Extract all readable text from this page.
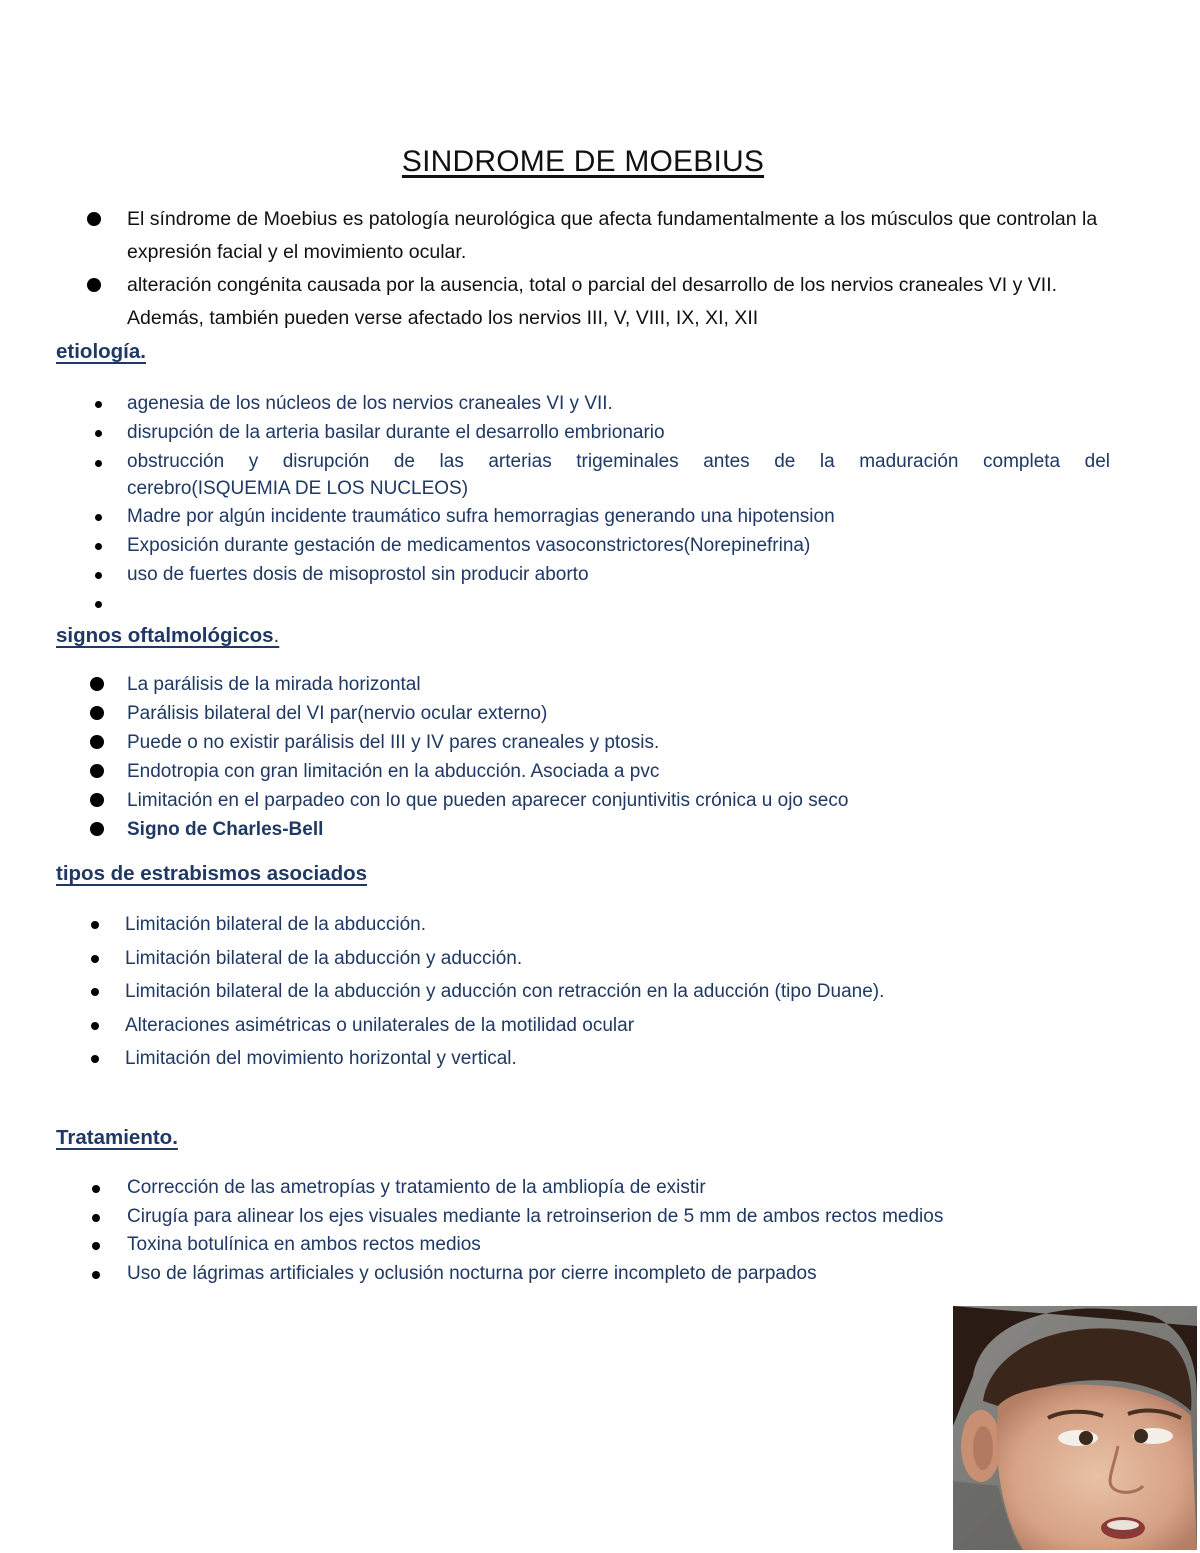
SINDROME DE MOEBIUS
El síndrome de Moebius es patología neurológica que afecta fundamentalmente a los músculos que controlan la expresión facial y el movimiento ocular.
alteración congénita causada por la ausencia, total o parcial del desarrollo de los nervios craneales VI y VII. Además, también pueden verse afectado los nervios III, V, VIII, IX, XI, XII
etiología.
agenesia de los núcleos de los nervios craneales VI y VII.
disrupción de la arteria basilar durante el desarrollo embrionario
obstrucción y disrupción de las arterias trigeminales antes de la maduración completa del
cerebro(ISQUEMIA DE LOS NUCLEOS)
Madre por algún incidente traumático sufra hemorragias generando una hipotension
Exposición durante gestación de medicamentos vasoconstrictores(Norepinefrina)
uso de fuertes dosis de misoprostol sin producir aborto

signos oftalmológicos.
La parálisis de la mirada horizontal
Parálisis bilateral del VI par(nervio ocular externo)
Puede o no existir parálisis del III y IV pares craneales y ptosis.
Endotropia con gran limitación en la abducción. Asociada a pvc
Limitación en el parpadeo con lo que pueden aparecer conjuntivitis crónica u ojo seco
Signo de Charles-Bell
tipos de estrabismos asociados
Limitación bilateral de la abducción.
Limitación bilateral de la abducción y aducción.
Limitación bilateral de la abducción y aducción con retracción en la aducción (tipo Duane).
Alteraciones asimétricas o unilaterales de la motilidad ocular
Limitación del movimiento horizontal y vertical.
Tratamiento.
Corrección de las ametropías y tratamiento de la ambliopía de existir
Cirugía para alinear los ejes visuales mediante la retroinserion de 5 mm de ambos rectos medios
Toxina botulínica en ambos rectos medios
Uso de lágrimas artificiales y oclusión nocturna por cierre incompleto de parpados
